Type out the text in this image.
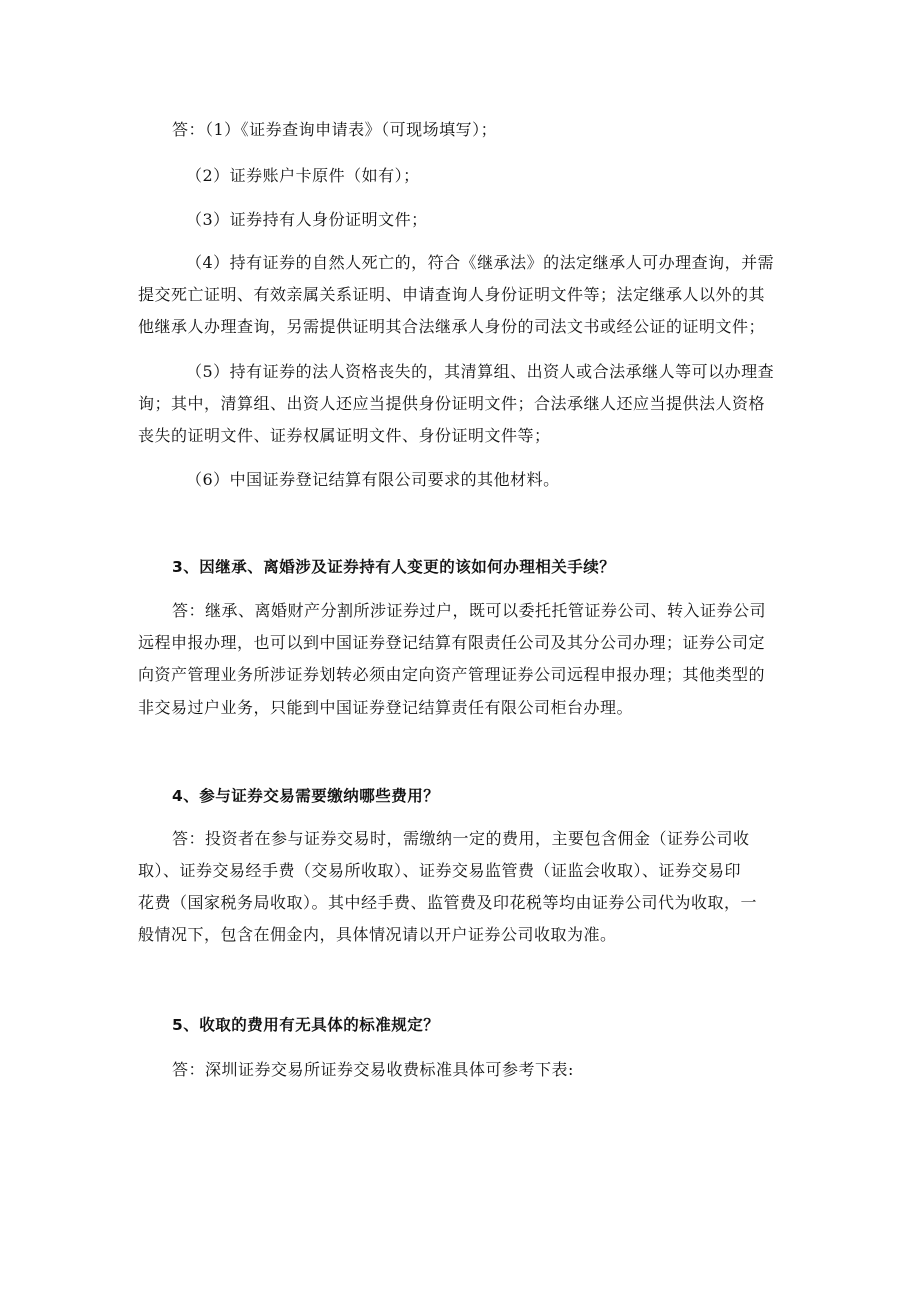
答：（1）《证券查询申请表》（可现场填写）；
（2）证券账户卡原件（如有）；
（3）证券持有人身份证明文件；
（4）持有证券的自然人死亡的，符合《继承法》的法定继承人可办理查询，并需
提交死亡证明、有效亲属关系证明、申请查询人身份证明文件等；法定继承人以外的其
他继承人办理查询，另需提供证明其合法继承人身份的司法文书或经公证的证明文件；
（5）持有证券的法人资格丧失的，其清算组、出资人或合法承继人等可以办理查
询；其中，清算组、出资人还应当提供身份证明文件；合法承继人还应当提供法人资格
丧失的证明文件、证券权属证明文件、身份证明文件等；
（6）中国证券登记结算有限公司要求的其他材料。
3、因继承、离婚涉及证券持有人变更的该如何办理相关手续？
答：继承、离婚财产分割所涉证券过户，既可以委托托管证券公司、转入证券公司
远程申报办理，也可以到中国证券登记结算有限责任公司及其分公司办理；证券公司定
向资产管理业务所涉证券划转必须由定向资产管理证券公司远程申报办理；其他类型的
非交易过户业务，只能到中国证券登记结算责任有限公司柜台办理。
4、参与证券交易需要缴纳哪些费用？
答：投资者在参与证券交易时，需缴纳一定的费用，主要包含佣金（证券公司收
取）、证券交易经手费（交易所收取）、证券交易监管费（证监会收取）、证券交易印
花费（国家税务局收取）。其中经手费、监管费及印花税等均由证券公司代为收取，一
般情况下，包含在佣金内，具体情况请以开户证券公司收取为准。
5、收取的费用有无具体的标准规定？
答：深圳证券交易所证券交易收费标准具体可参考下表:
